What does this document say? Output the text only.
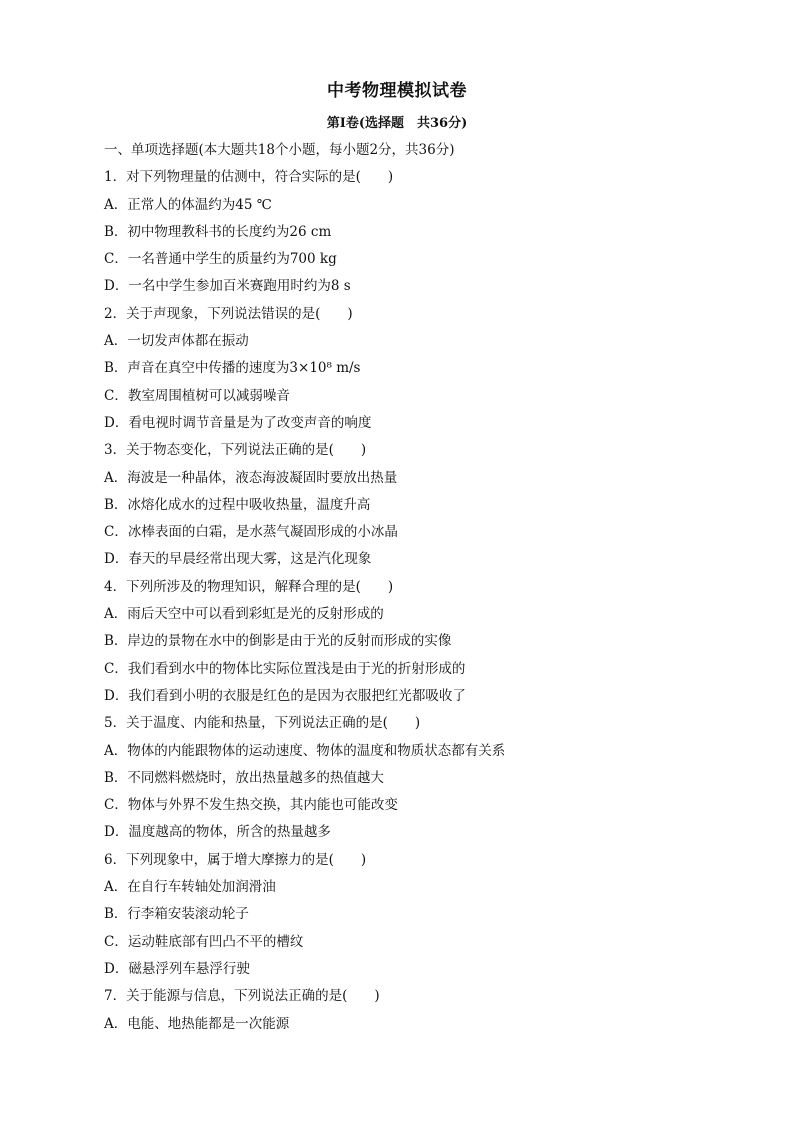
中考物理模拟试卷
第Ⅰ卷(选择题　共36分)
一、单项选择题(本大题共18个小题，每小题2分，共36分)
1．对下列物理量的估测中，符合实际的是(　　)
A．正常人的体温约为45 ℃
B．初中物理教科书的长度约为26 cm
C．一名普通中学生的质量约为700 kg
D．一名中学生参加百米赛跑用时约为8 s
2．关于声现象，下列说法错误的是(　　)
A．一切发声体都在振动
B．声音在真空中传播的速度为3×10⁸ m/s
C．教室周围植树可以减弱噪音
D．看电视时调节音量是为了改变声音的响度
3．关于物态变化，下列说法正确的是(　　)
A．海波是一种晶体，液态海波凝固时要放出热量
B．冰熔化成水的过程中吸收热量，温度升高
C．冰棒表面的白霜，是水蒸气凝固形成的小冰晶
D．春天的早晨经常出现大雾，这是汽化现象
4．下列所涉及的物理知识，解释合理的是(　　)
A．雨后天空中可以看到彩虹是光的反射形成的
B．岸边的景物在水中的倒影是由于光的反射而形成的实像
C．我们看到水中的物体比实际位置浅是由于光的折射形成的
D．我们看到小明的衣服是红色的是因为衣服把红光都吸收了
5．关于温度、内能和热量，下列说法正确的是(　　)
A．物体的内能跟物体的运动速度、物体的温度和物质状态都有关系
B．不同燃料燃烧时，放出热量越多的热值越大
C．物体与外界不发生热交换，其内能也可能改变
D．温度越高的物体，所含的热量越多
6．下列现象中，属于增大摩擦力的是(　　)
A．在自行车转轴处加润滑油
B．行李箱安装滚动轮子
C．运动鞋底部有凹凸不平的槽纹
D．磁悬浮列车悬浮行驶
7．关于能源与信息，下列说法正确的是(　　)
A．电能、地热能都是一次能源
